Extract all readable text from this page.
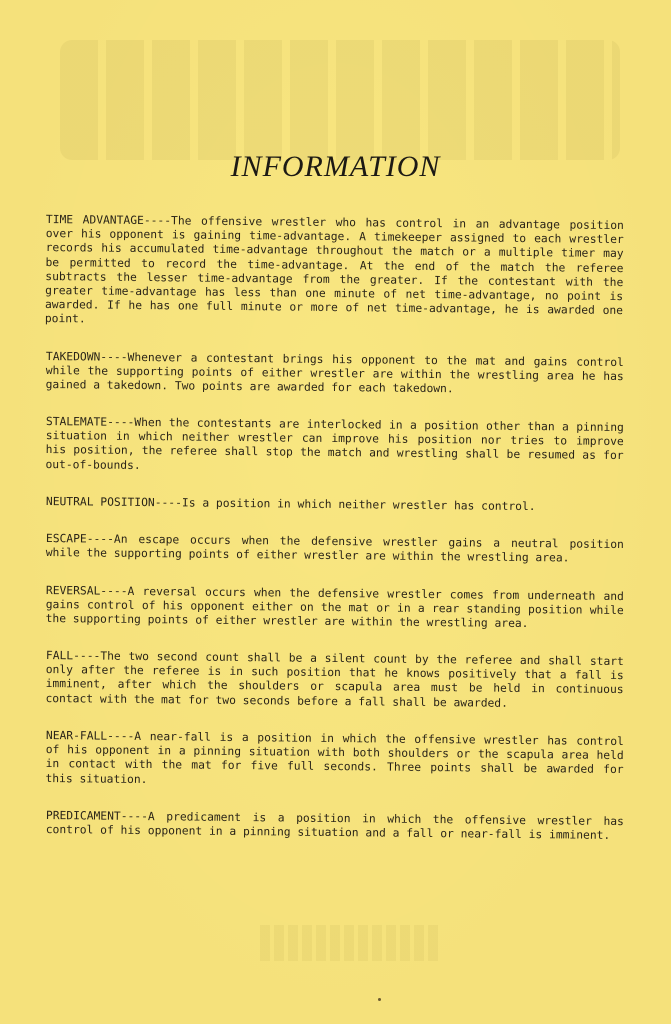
INFORMATION

TIME ADVANTAGE----The offensive wrestler who has control in an advantage position over his opponent is gaining time-advantage. A timekeeper assigned to each wrestler records his accumulated time-advantage throughout the match or a multiple timer may be permitted to record the time-advantage. At the end of the match the referee subtracts the lesser time-advantage from the greater. If the contestant with the greater time-advantage has less than one minute of net time-advantage, no point is awarded. If he has one full minute or more of net time-advantage, he is awarded one point.

TAKEDOWN----Whenever a contestant brings his opponent to the mat and gains control while the supporting points of either wrestler are within the wrestling area he has gained a takedown. Two points are awarded for each takedown.

STALEMATE----When the contestants are interlocked in a position other than a pinning situation in which neither wrestler can improve his position nor tries to improve his position, the referee shall stop the match and wrestling shall be resumed as for out-of-bounds.

NEUTRAL POSITION----Is a position in which neither wrestler has control.

ESCAPE----An escape occurs when the defensive wrestler gains a neutral position while the supporting points of either wrestler are within the wrestling area.

REVERSAL----A reversal occurs when the defensive wrestler comes from underneath and gains control of his opponent either on the mat or in a rear standing position while the supporting points of either wrestler are within the wrestling area.

FALL----The two second count shall be a silent count by the referee and shall start only after the referee is in such position that he knows positively that a fall is imminent, after which the shoulders or scapula area must be held in continuous contact with the mat for two seconds before a fall shall be awarded.

NEAR-FALL----A near-fall is a position in which the offensive wrestler has control of his opponent in a pinning situation with both shoulders or the scapula area held in contact with the mat for five full seconds. Three points shall be awarded for this situation.

PREDICAMENT----A predicament is a position in which the offensive wrestler has control of his opponent in a pinning situation and a fall or near-fall is imminent.
